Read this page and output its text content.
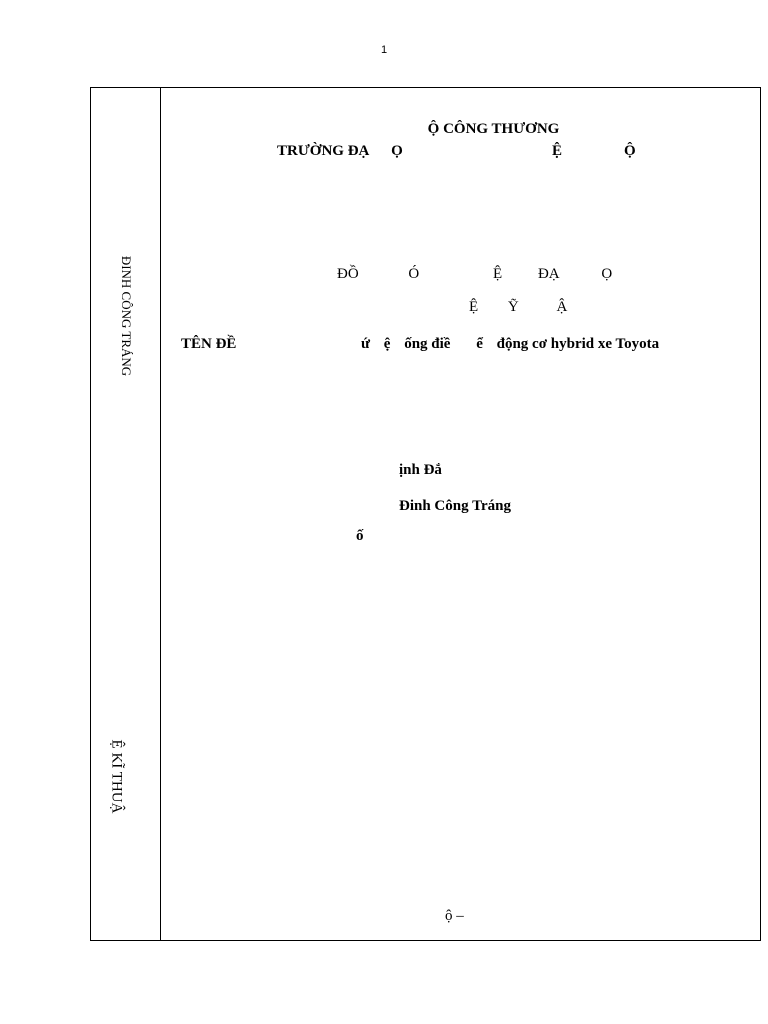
1
ĐINH CÔNG TRÁNG
Ệ KĨ THUẬ
Ộ CÔNG THƯƠNG
TRƯỜNG ĐẠ Ọ	Ệ	Ộ
ĐỒ	Ó	Ệ ĐẠ	Ọ
Ệ Ỹ	Ậ
TÊN ĐỀ	ứ ệ ống điề ể động cơ hybrid xe Toyota
ịnh Đắ
Đinh Công Tráng
ố
ộ –
